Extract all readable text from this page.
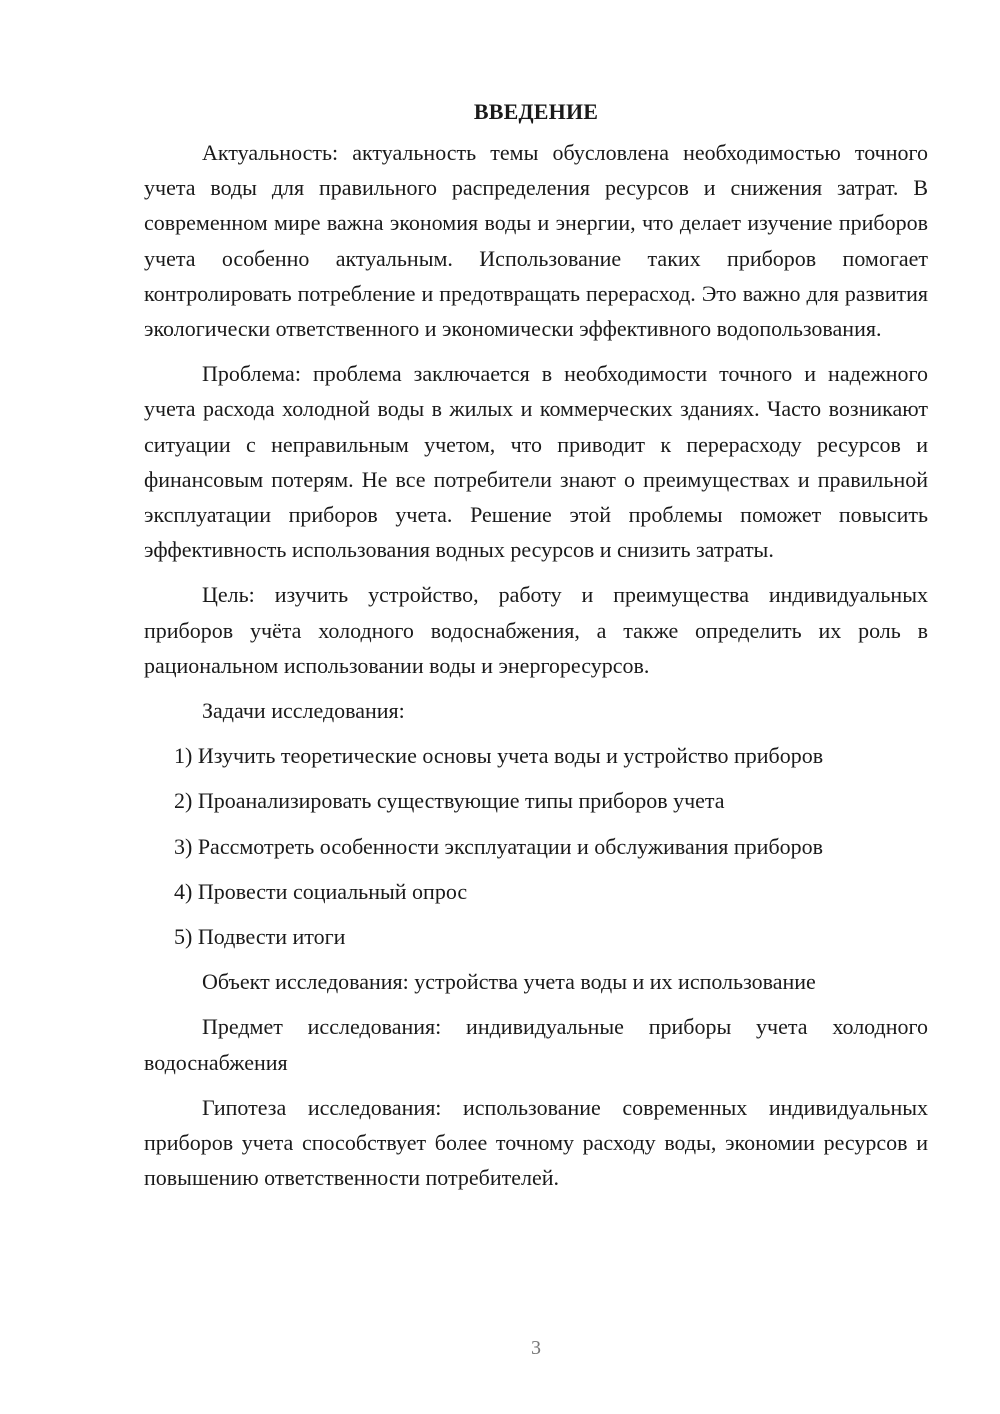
ВВЕДЕНИЕ

Актуальность: актуальность темы обусловлена необходимостью точного учета воды для правильного распределения ресурсов и снижения затрат. В современном мире важна экономия воды и энергии, что делает изучение приборов учета особенно актуальным. Использование таких приборов помогает контролировать потребление и предотвращать перерасход. Это важно для развития экологически ответственного и экономически эффективного водопользования.

Проблема: проблема заключается в необходимости точного и надежного учета расхода холодной воды в жилых и коммерческих зданиях. Часто возникают ситуации с неправильным учетом, что приводит к перерасходу ресурсов и финансовым потерям. Не все потребители знают о преимуществах и правильной эксплуатации приборов учета. Решение этой проблемы поможет повысить эффективность использования водных ресурсов и снизить затраты.

Цель: изучить устройство, работу и преимущества индивидуальных приборов учёта холодного водоснабжения, а также определить их роль в рациональном использовании воды и энергоресурсов.

Задачи исследования:

1) Изучить теоретические основы учета воды и устройство приборов
2) Проанализировать существующие типы приборов учета
3) Рассмотреть особенности эксплуатации и обслуживания приборов
4) Провести социальный опрос
5) Подвести итоги

Объект исследования: устройства учета воды и их использование

Предмет исследования: индивидуальные приборы учета холодного водоснабжения

Гипотеза исследования: использование современных индивидуальных приборов учета способствует более точному расходу воды, экономии ресурсов и повышению ответственности потребителей.

3
